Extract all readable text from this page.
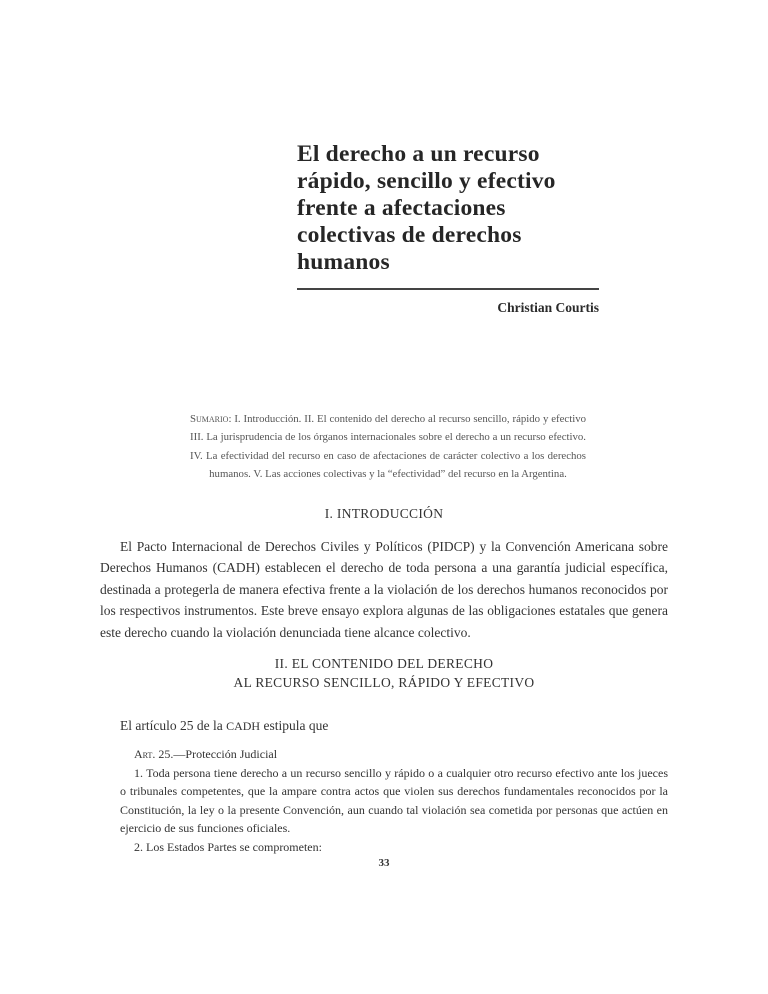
El derecho a un recurso rápido, sencillo y efectivo frente a afectaciones colectivas de derechos humanos
Christian Courtis
Sumario: I. Introducción. II. El contenido del derecho al recurso sencillo, rápido y efectivo III. La jurisprudencia de los órganos internacionales sobre el derecho a un recurso efectivo. IV. La efectividad del recurso en caso de afectaciones de carácter colectivo a los derechos humanos. V. Las acciones colectivas y la “efectividad” del recurso en la Argentina.
I. INTRODUCCIÓN
El Pacto Internacional de Derechos Civiles y Políticos (PIDCP) y la Convención Americana sobre Derechos Humanos (CADH) establecen el derecho de toda persona a una garantía judicial específica, destinada a protegerla de manera efectiva frente a la violación de los derechos humanos reconocidos por los respectivos instrumentos. Este breve ensayo explora algunas de las obligaciones estatales que genera este derecho cuando la violación denunciada tiene alcance colectivo.
II. EL CONTENIDO DEL DERECHO
AL RECURSO SENCILLO, RÁPIDO Y EFECTIVO
El artículo 25 de la CADH estipula que

Art. 25.—Protección Judicial

1. Toda persona tiene derecho a un recurso sencillo y rápido o a cualquier otro recurso efectivo ante los jueces o tribunales competentes, que la ampare contra actos que violen sus derechos fundamentales reconocidos por la Constitución, la ley o la presente Convención, aun cuando tal violación sea cometida por personas que actúen en ejercicio de sus funciones oficiales.

2. Los Estados Partes se comprometen:

33
